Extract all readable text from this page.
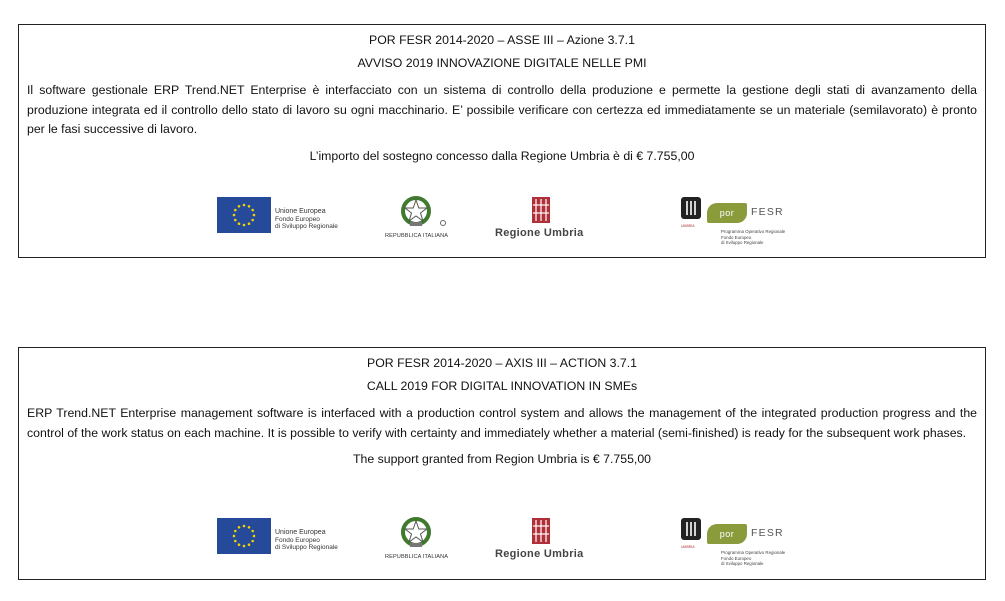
POR FESR 2014-2020 – ASSE III – Azione 3.7.1
AVVISO 2019 INNOVAZIONE DIGITALE NELLE PMI
Il software gestionale ERP Trend.NET Enterprise è interfacciato con un sistema di controllo della produzione e permette la gestione degli stati di avanzamento della produzione integrata ed il controllo dello stato di lavoro su ogni macchinario. E’ possibile verificare con certezza ed immediatamente se un materiale (semilavorato) è pronto per le fasi successive di lavoro.
L’importo del sostegno concesso dalla Regione Umbria è di € 7.755,00
Unione Europea
Fondo Europeo
di Sviluppo Regionale
REPUBBLICA ITALIANA	Regione Umbria
UMBRIA
por	FESR
Programma Operativo Regionale
Fondo Europeo
di Sviluppo Regionale
POR FESR 2014-2020 – AXIS III – ACTION 3.7.1
CALL 2019 FOR DIGITAL INNOVATION IN SMEs
ERP Trend.NET Enterprise management software is interfaced with a production control system and allows the management of the integrated production progress and the control of the work status on each machine. It is possible to verify with certainty and immediately whether a material (semi-finished) is ready for the subsequent work phases.
The support granted from Region Umbria is € 7.755,00
Unione Europea
Fondo Europeo
di Sviluppo Regionale
REPUBBLICA ITALIANA	Regione Umbria
UMBRIA
por	FESR
Programma Operativo Regionale
Fondo Europeo
di Sviluppo Regionale
